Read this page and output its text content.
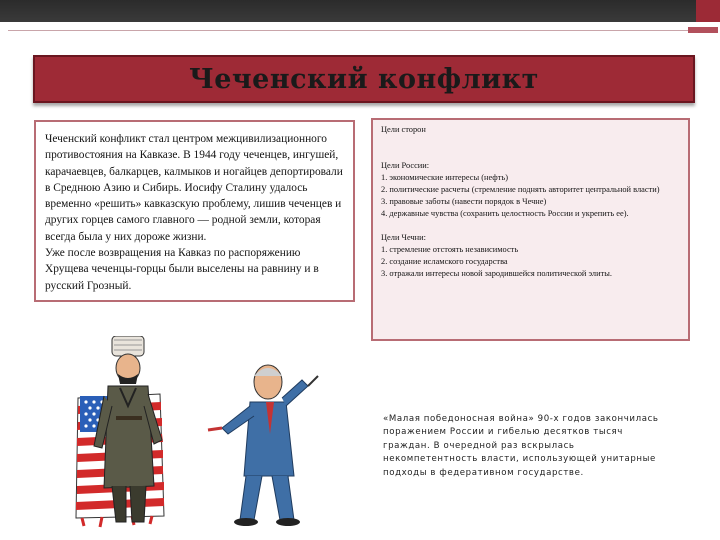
Чеченский конфликт

Чеченский конфликт стал центром межцивилизационного противостояния на Кавказе. В 1944 году чеченцев, ингушей, карачаевцев, балкарцев, калмыков и ногайцев депортировали в Среднюю Азию и Сибирь. Иосифу Сталину удалось временно «решить» кавказскую проблему, лишив чеченцев и других горцев самого главного — родной земли, которая всегда была у них дороже жизни.

Уже после возвращения на Кавказ по распоряжению Хрущева чеченцы-горцы были выселены на равнину и в русский Грозный.

Цели сторон
Цели России:
1. экономические интересы (нефть)
2. политические расчеты (стремление поднять авторитет центральной власти)
3. правовые заботы (навести порядок в Чечне)
4. державные чувства (сохранить целостность России и укрепить ее).
Цели Чечни:
1. стремление отстоять независимость
2. создание исламского государства
3. отражали интересы новой зародившейся политической элиты.
«Малая победоносная война» 90-х годов закончилась поражением России и гибелью десятков тысяч граждан. В очередной раз вскрылась некомпетентность власти, использующей унитарные подходы в федеративном государстве.
